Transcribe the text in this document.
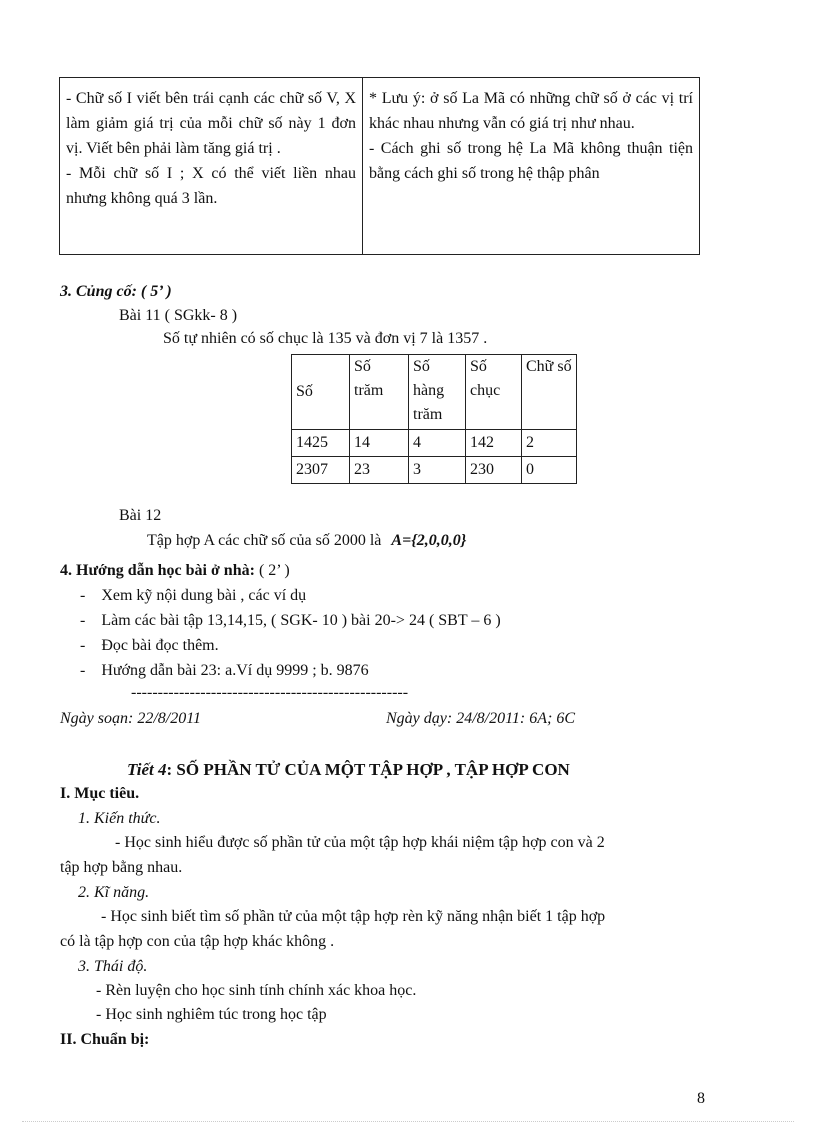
- Chữ số I viết bên trái cạnh các chữ số V, X làm giảm giá trị của mỗi chữ số này 1 đơn vị. Viết bên phải làm tăng giá trị .
- Mỗi chữ số I ; X có thể viết liền nhau nhưng không quá 3 lần.

* Lưu ý: ở số La Mã có những chữ số ở các vị trí khác nhau nhưng vẫn có giá trị như nhau.
- Cách ghi số trong hệ La Mã không thuận tiện bằng cách ghi số trong hệ thập phân
3. Củng cố: ( 5’ )
Bài 11 ( SGkk- 8 )
Số tự nhiên có số chục là 135 và đơn vị 7 là 1357 .
Số	Số trăm	Số hàng trăm	Số chục	Chữ số
1425	14	4	142	2
2307	23	3	230	0
Bài 12
Tập hợp A các chữ số của số 2000 là A={2,0,0,0}
4. Hướng dẫn học bài ở nhà: ( 2’ )
- Xem kỹ nội dung bài , các ví dụ
- Làm các bài tập 13,14,15, ( SGK- 10 ) bài 20-> 24 ( SBT – 6 )
- Đọc bài đọc thêm.
- Hướng dẫn bài 23: a.Ví dụ 9999 ; b. 9876
----------------------------------------------------
Ngày soạn: 22/8/2011	Ngày dạy: 24/8/2011: 6A; 6C
Tiết 4: SỐ PHẦN TỬ CỦA MỘT TẬP HỢP , TẬP HỢP CON
I. Mục tiêu.
1. Kiến thức.
- Học sinh hiểu được số phần tử của một tập hợp khái niệm tập hợp con và 2
tập hợp bằng nhau.
2. Kĩ năng.
- Học sinh biết tìm số phần tử của một tập hợp rèn kỹ năng nhận biết 1 tập hợp
có là tập hợp con của tập hợp khác không .
3. Thái độ.
- Rèn luyện cho học sinh tính chính xác khoa học.
- Học sinh nghiêm túc trong học tập
II. Chuẩn bị:
8
